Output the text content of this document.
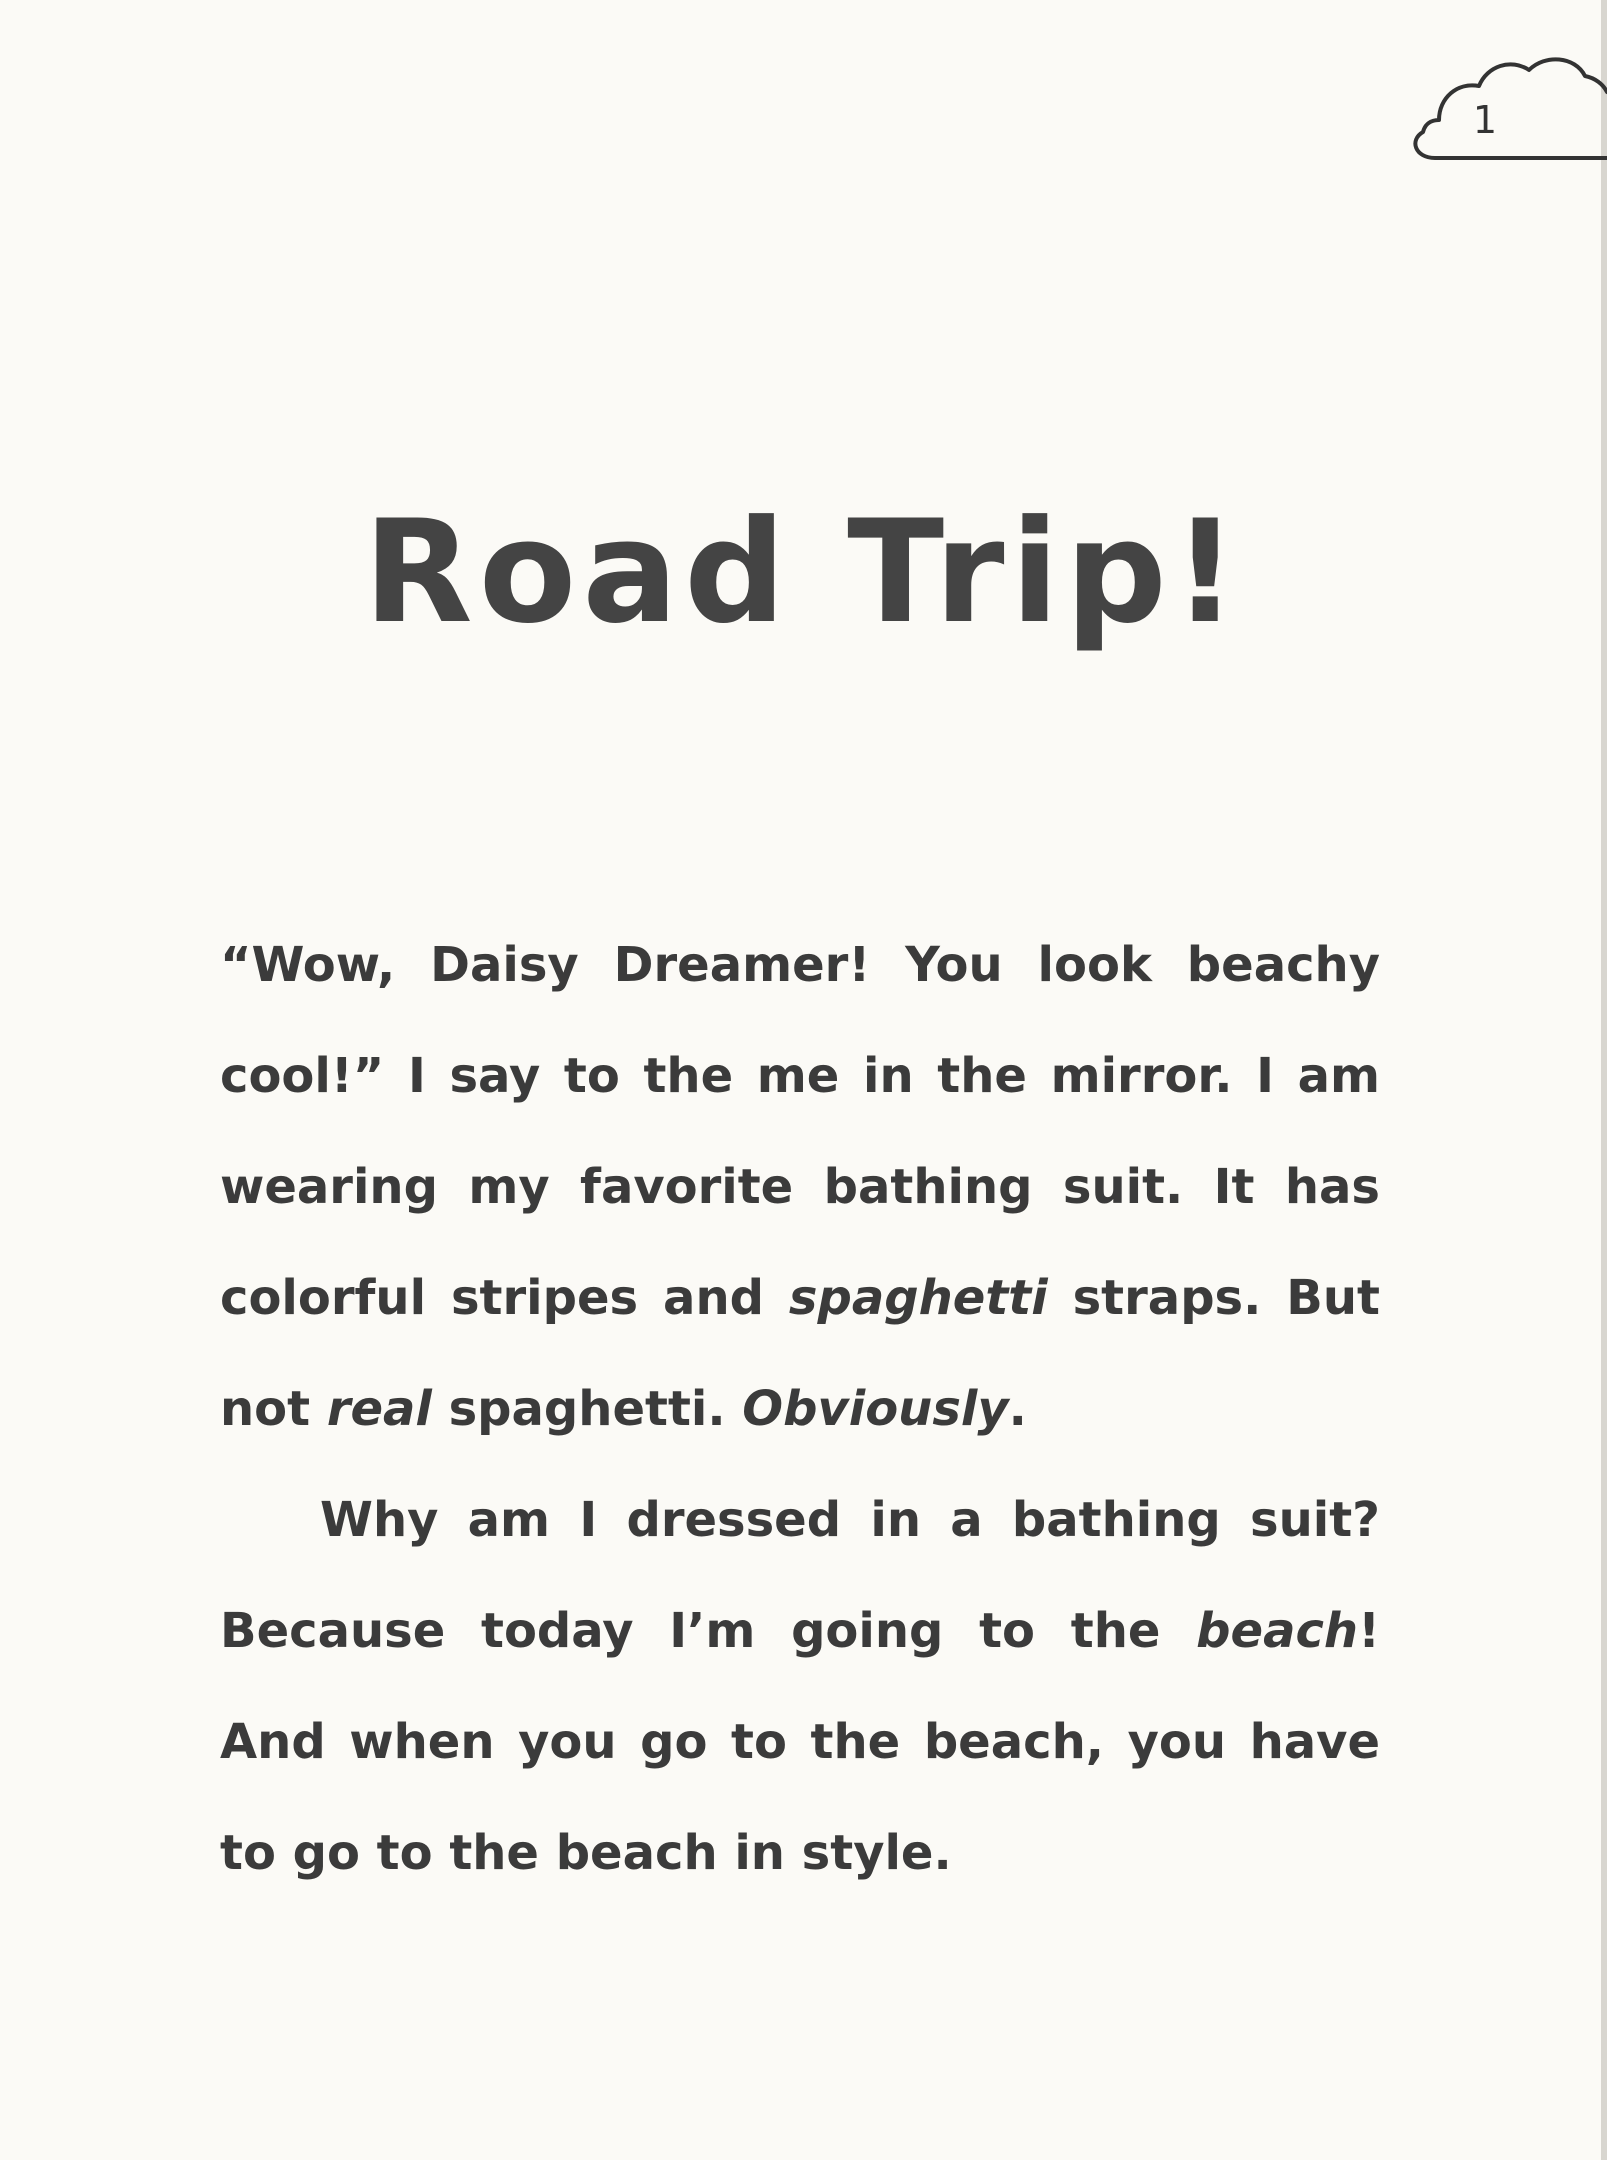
1
Road Trip!

“Wow, Daisy Dreamer! You look beachy cool!” I say to the me in the mirror. I am wearing my favorite bathing suit. It has colorful stripes and spaghetti straps. But not real spaghetti. Obviously.

Why am I dressed in a bathing suit? Because today I’m going to the beach! And when you go to the beach, you have to go to the beach in style.
